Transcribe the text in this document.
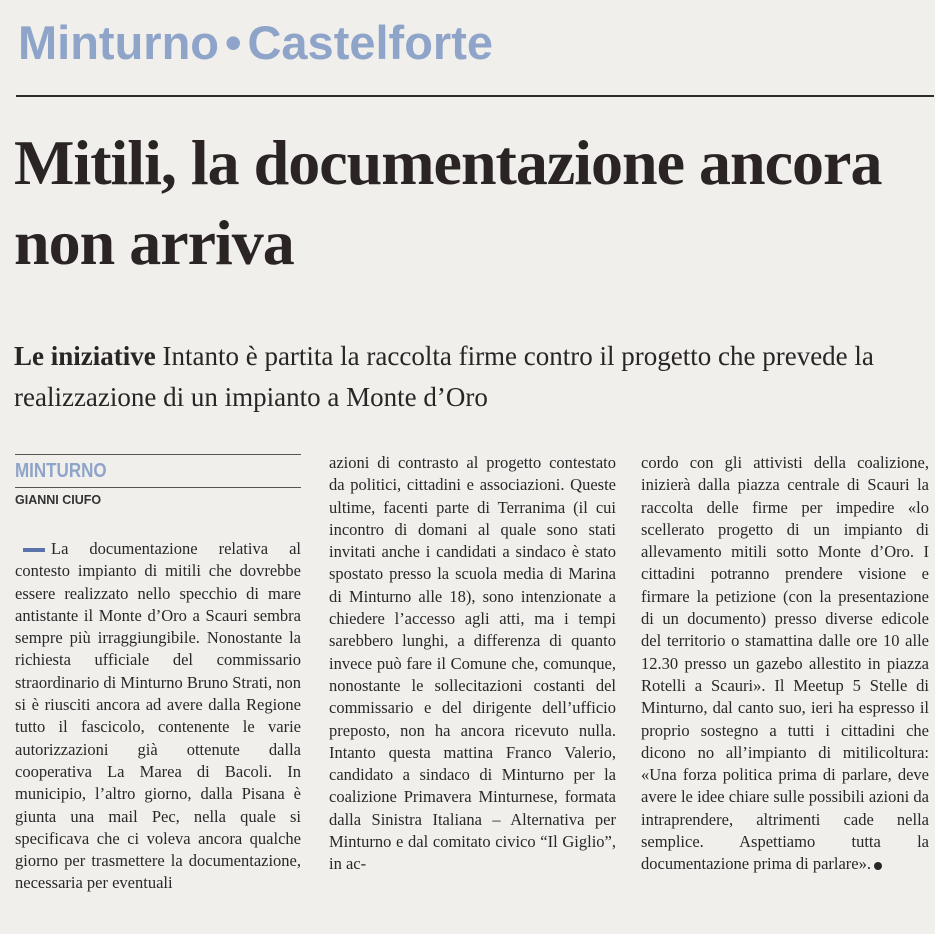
Minturno • Castelforte
Mitili, la documentazione ancora non arriva

Le iniziative Intanto è partita la raccolta firme contro il progetto che prevede la realizzazione di un impianto a Monte d’Oro

MINTURNO
GIANNI CIUFO

La documentazione relativa al contesto impianto di mitili che dovrebbe essere realizzato nello specchio di mare antistante il Monte d’Oro a Scauri sembra sempre più irraggiungibile. Nonostante la richiesta ufficiale del commissario straordinario di Minturno Bruno Strati, non si è riusciti ancora ad avere dalla Regione tutto il fascicolo, contenente le varie autorizzazioni già ottenute dalla cooperativa La Marea di Bacoli. In municipio, l’altro giorno, dalla Pisana è giunta una mail Pec, nella quale si specificava che ci voleva ancora qualche giorno per trasmettere la documentazione, necessaria per eventuali

azioni di contrasto al progetto contestato da politici, cittadini e associazioni. Queste ultime, facenti parte di Terranima (il cui incontro di domani al quale sono stati invitati anche i candidati a sindaco è stato spostato presso la scuola media di Marina di Minturno alle 18), sono intenzionate a chiedere l’accesso agli atti, ma i tempi sarebbero lunghi, a differenza di quanto invece può fare il Comune che, comunque, nonostante le sollecitazioni costanti del commissario e del dirigente dell’ufficio preposto, non ha ancora ricevuto nulla. Intanto questa mattina Franco Valerio, candidato a sindaco di Minturno per la coalizione Primavera Minturnese, formata dalla Sinistra Italiana – Alternativa per Minturno e dal comitato civico “Il Giglio”, in ac-

cordo con gli attivisti della coalizione, inizierà dalla piazza centrale di Scauri la raccolta delle firme per impedire «lo scellerato progetto di un impianto di allevamento mitili sotto Monte d’Oro. I cittadini potranno prendere visione e firmare la petizione (con la presentazione di un documento) presso diverse edicole del territorio o stamattina dalle ore 10 alle 12.30 presso un gazebo allestito in piazza Rotelli a Scauri». Il Meetup 5 Stelle di Minturno, dal canto suo, ieri ha espresso il proprio sostegno a tutti i cittadini che dicono no all’impianto di mitilicoltura: «Una forza politica prima di parlare, deve avere le idee chiare sulle possibili azioni da intraprendere, altrimenti cade nella semplice. Aspettiamo tutta la documentazione prima di parlare».
